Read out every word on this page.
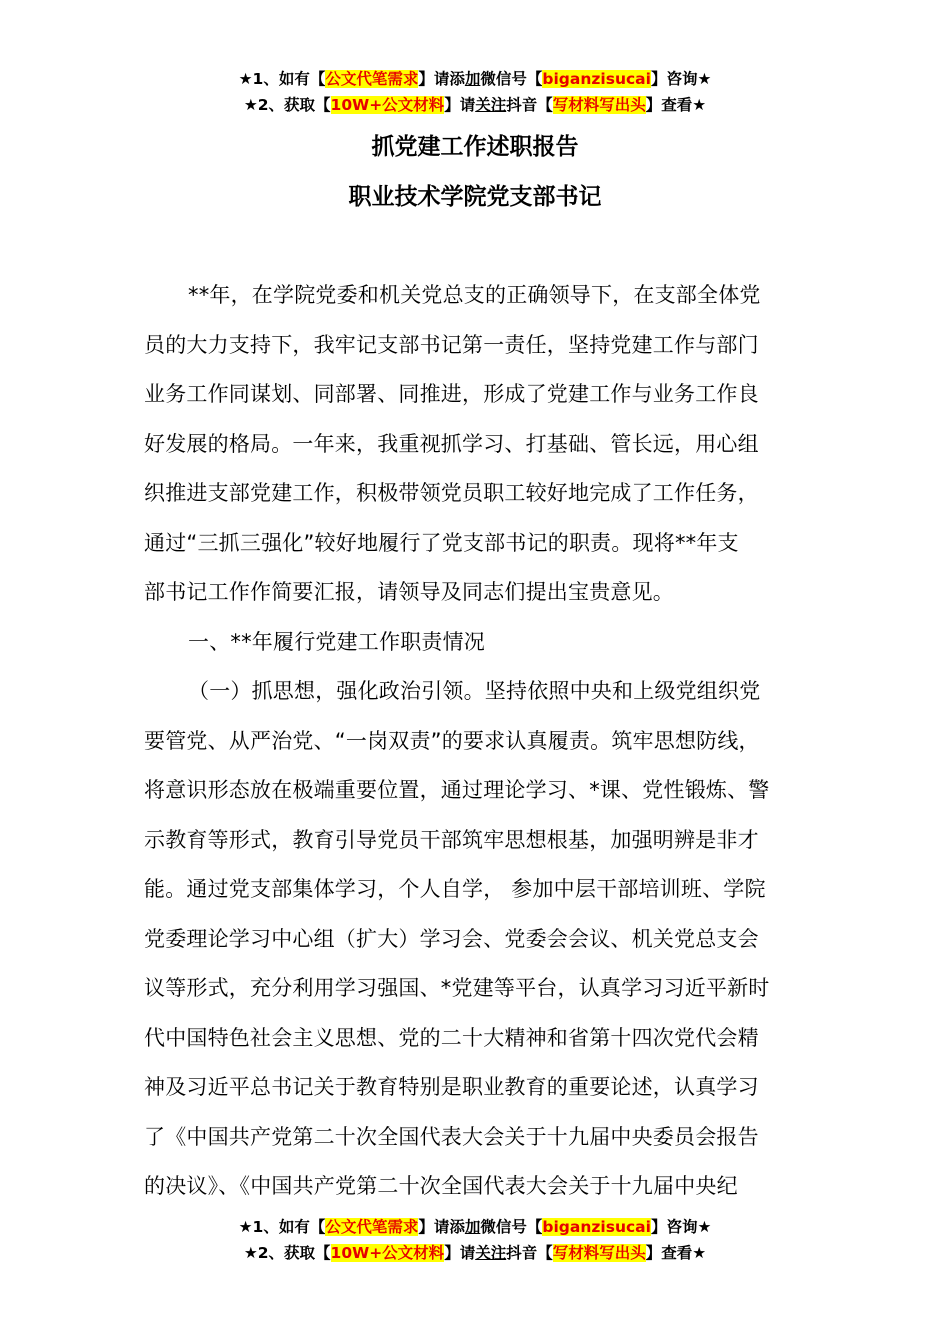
★1、如有【公文代笔需求】请添加微信号【biganzisucai】咨询★
★2、获取【10W+公文材料】请关注抖音【写材料写出头】查看★
抓党建工作述职报告
职业技术学院党支部书记
**年，在学院党委和机关党总支的正确领导下，在支部全体党
员的大力支持下，我牢记支部书记第一责任，坚持党建工作与部门
业务工作同谋划、同部署、同推进，形成了党建工作与业务工作良
好发展的格局。一年来，我重视抓学习、打基础、管长远，用心组
织推进支部党建工作，积极带领党员职工较好地完成了工作任务，
通过“三抓三强化”较好地履行了党支部书记的职责。现将**年支
部书记工作作简要汇报，请领导及同志们提出宝贵意见。
一、**年履行党建工作职责情况
（一）抓思想，强化政治引领。坚持依照中央和上级党组织党
要管党、从严治党、“一岗双责”的要求认真履责。筑牢思想防线，
将意识形态放在极端重要位置，通过理论学习、*课、党性锻炼、警
示教育等形式，教育引导党员干部筑牢思想根基，加强明辨是非才
能。通过党支部集体学习，个人自学， 参加中层干部培训班、学院
党委理论学习中心组（扩大）学习会、党委会会议、机关党总支会
议等形式，充分利用学习强国、*党建等平台，认真学习习近平新时
代中国特色社会主义思想、党的二十大精神和省第十四次党代会精
神及习近平总书记关于教育特别是职业教育的重要论述，认真学习
了《中国共产党第二十次全国代表大会关于十九届中央委员会报告
的决议》、《中国共产党第二十次全国代表大会关于十九届中央纪
★1、如有【公文代笔需求】请添加微信号【biganzisucai】咨询★
★2、获取【10W+公文材料】请关注抖音【写材料写出头】查看★
